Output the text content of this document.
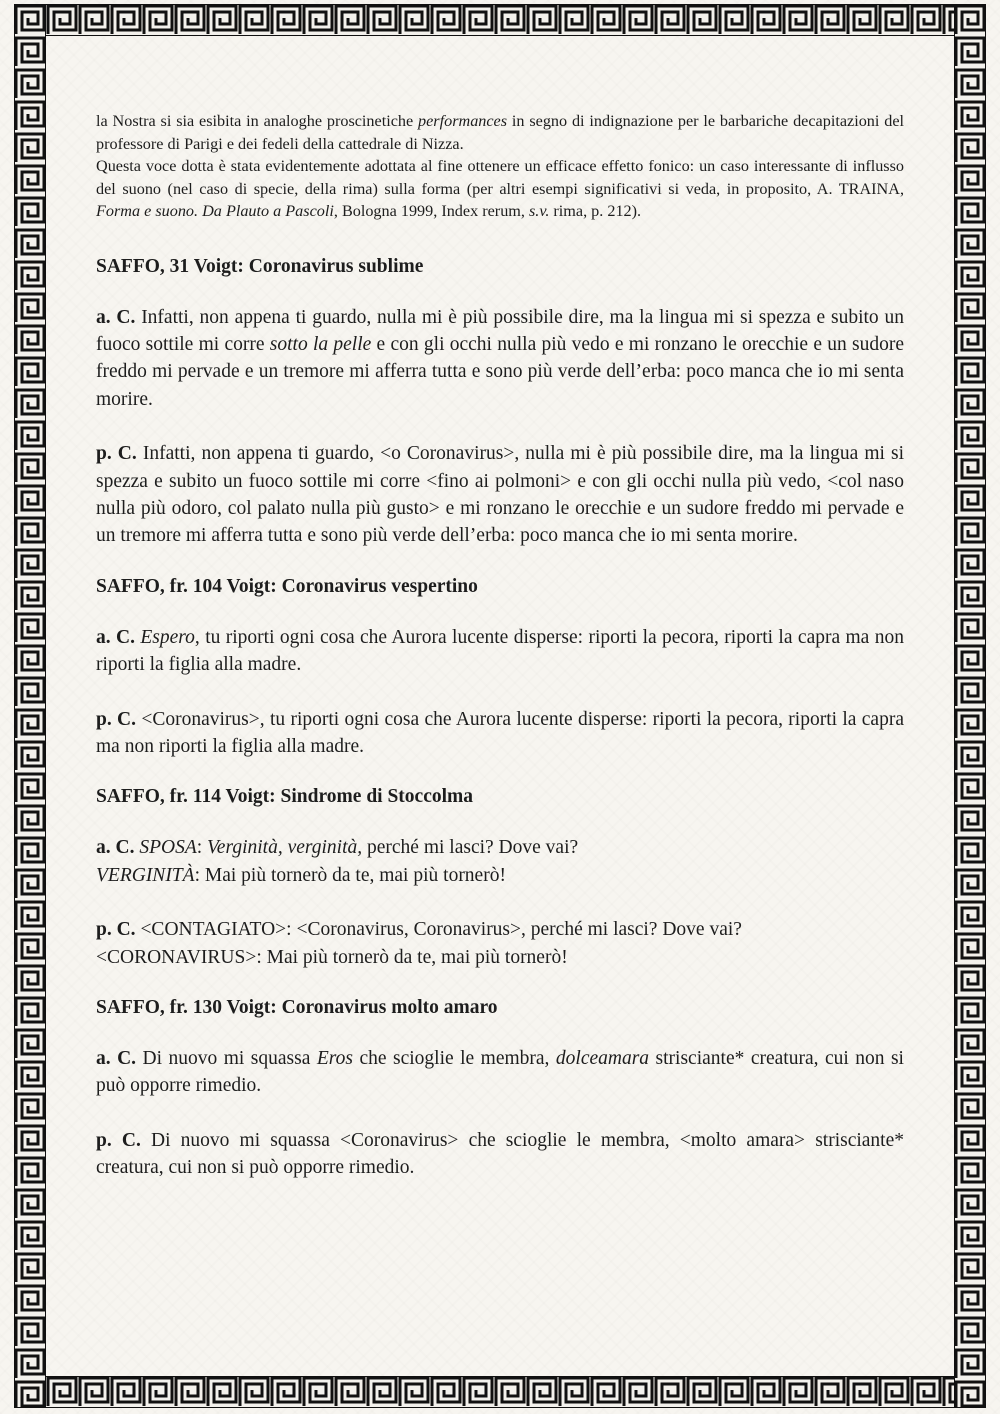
la Nostra si sia esibita in analoghe proscinetiche performances in segno di indignazione per le barbariche decapitazioni del professore di Parigi e dei fedeli della cattedrale di Nizza.

Questa voce dotta è stata evidentemente adottata al fine ottenere un efficace effetto fonico: un caso interessante di influsso del suono (nel caso di specie, della rima) sulla forma (per altri esempi significativi si veda, in proposito, A. TRAINA, Forma e suono. Da Plauto a Pascoli, Bologna 1999, Index rerum, s.v. rima, p. 212).

SAFFO, 31 Voigt: Coronavirus sublime

a. C. Infatti, non appena ti guardo, nulla mi è più possibile dire, ma la lingua mi si spezza e subito un fuoco sottile mi corre sotto la pelle e con gli occhi nulla più vedo e mi ronzano le orecchie e un sudore freddo mi pervade e un tremore mi afferra tutta e sono più verde dell’erba: poco manca che io mi senta morire.

p. C. Infatti, non appena ti guardo, <o Coronavirus>, nulla mi è più possibile dire, ma la lingua mi si spezza e subito un fuoco sottile mi corre <fino ai polmoni> e con gli occhi nulla più vedo, <col naso nulla più odoro, col palato nulla più gusto> e mi ronzano le orecchie e un sudore freddo mi pervade e un tremore mi afferra tutta e sono più verde dell’erba: poco manca che io mi senta morire.

SAFFO, fr. 104 Voigt: Coronavirus vespertino

a. C. Espero, tu riporti ogni cosa che Aurora lucente disperse: riporti la pecora, riporti la capra ma non riporti la figlia alla madre.

p. C. <Coronavirus>, tu riporti ogni cosa che Aurora lucente disperse: riporti la pecora, riporti la capra ma non riporti la figlia alla madre.

SAFFO, fr. 114 Voigt: Sindrome di Stoccolma

a. C. SPOSA: Verginità, verginità, perché mi lasci? Dove vai?
VERGINITÀ: Mai più tornerò da te, mai più tornerò!

p. C. <CONTAGIATO>: <Coronavirus, Coronavirus>, perché mi lasci? Dove vai?
<CORONAVIRUS>: Mai più tornerò da te, mai più tornerò!

SAFFO, fr. 130 Voigt: Coronavirus molto amaro

a. C. Di nuovo mi squassa Eros che scioglie le membra, dolceamara strisciante* creatura, cui non si può opporre rimedio.

p. C. Di nuovo mi squassa <Coronavirus> che scioglie le membra, <molto amara> strisciante* creatura, cui non si può opporre rimedio.
